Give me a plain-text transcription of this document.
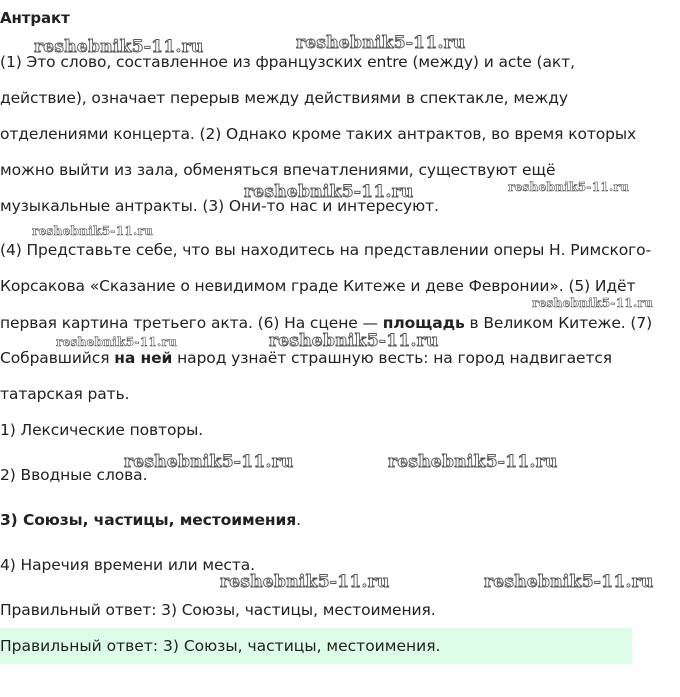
Антракт
(1) Это слово, составленное из французских entre (между) и acte (акт,
действие), означает перерыв между действиями в спектакле, между
отделениями концерта. (2) Однако кроме таких антрактов, во время которых
можно выйти из зала, обменяться впечатлениями, существуют ещё
музыкальные антракты. (3) Они-то нас и интересуют.
(4) Представьте себе, что вы находитесь на представлении оперы Н. Римского-
Корсакова «Сказание о невидимом граде Китеже и деве Февронии». (5) Идёт
первая картина третьего акта. (6) На сцене — площадь в Великом Китеже. (7)
Собравшийся на ней народ узнаёт страшную весть: на город надвигается
татарская рать.
1) Лексические повторы.
2) Вводные слова.
3) Союзы, частицы, местоимения.
4) Наречия времени или места.
Правильный ответ: 3) Союзы, частицы, местоимения.
Правильный ответ: 3) Союзы, частицы, местоимения.
reshebnik5-11.ru	reshebnik5-11.ru
reshebnik5-11.ru	reshebnik5-11.ru
reshebnik5-11.ru
reshebnik5-11.ru
reshebnik5-11.ru	reshebnik5-11.ru
reshebnik5-11.ru	reshebnik5-11.ru
reshebnik5-11.ru	reshebnik5-11.ru
